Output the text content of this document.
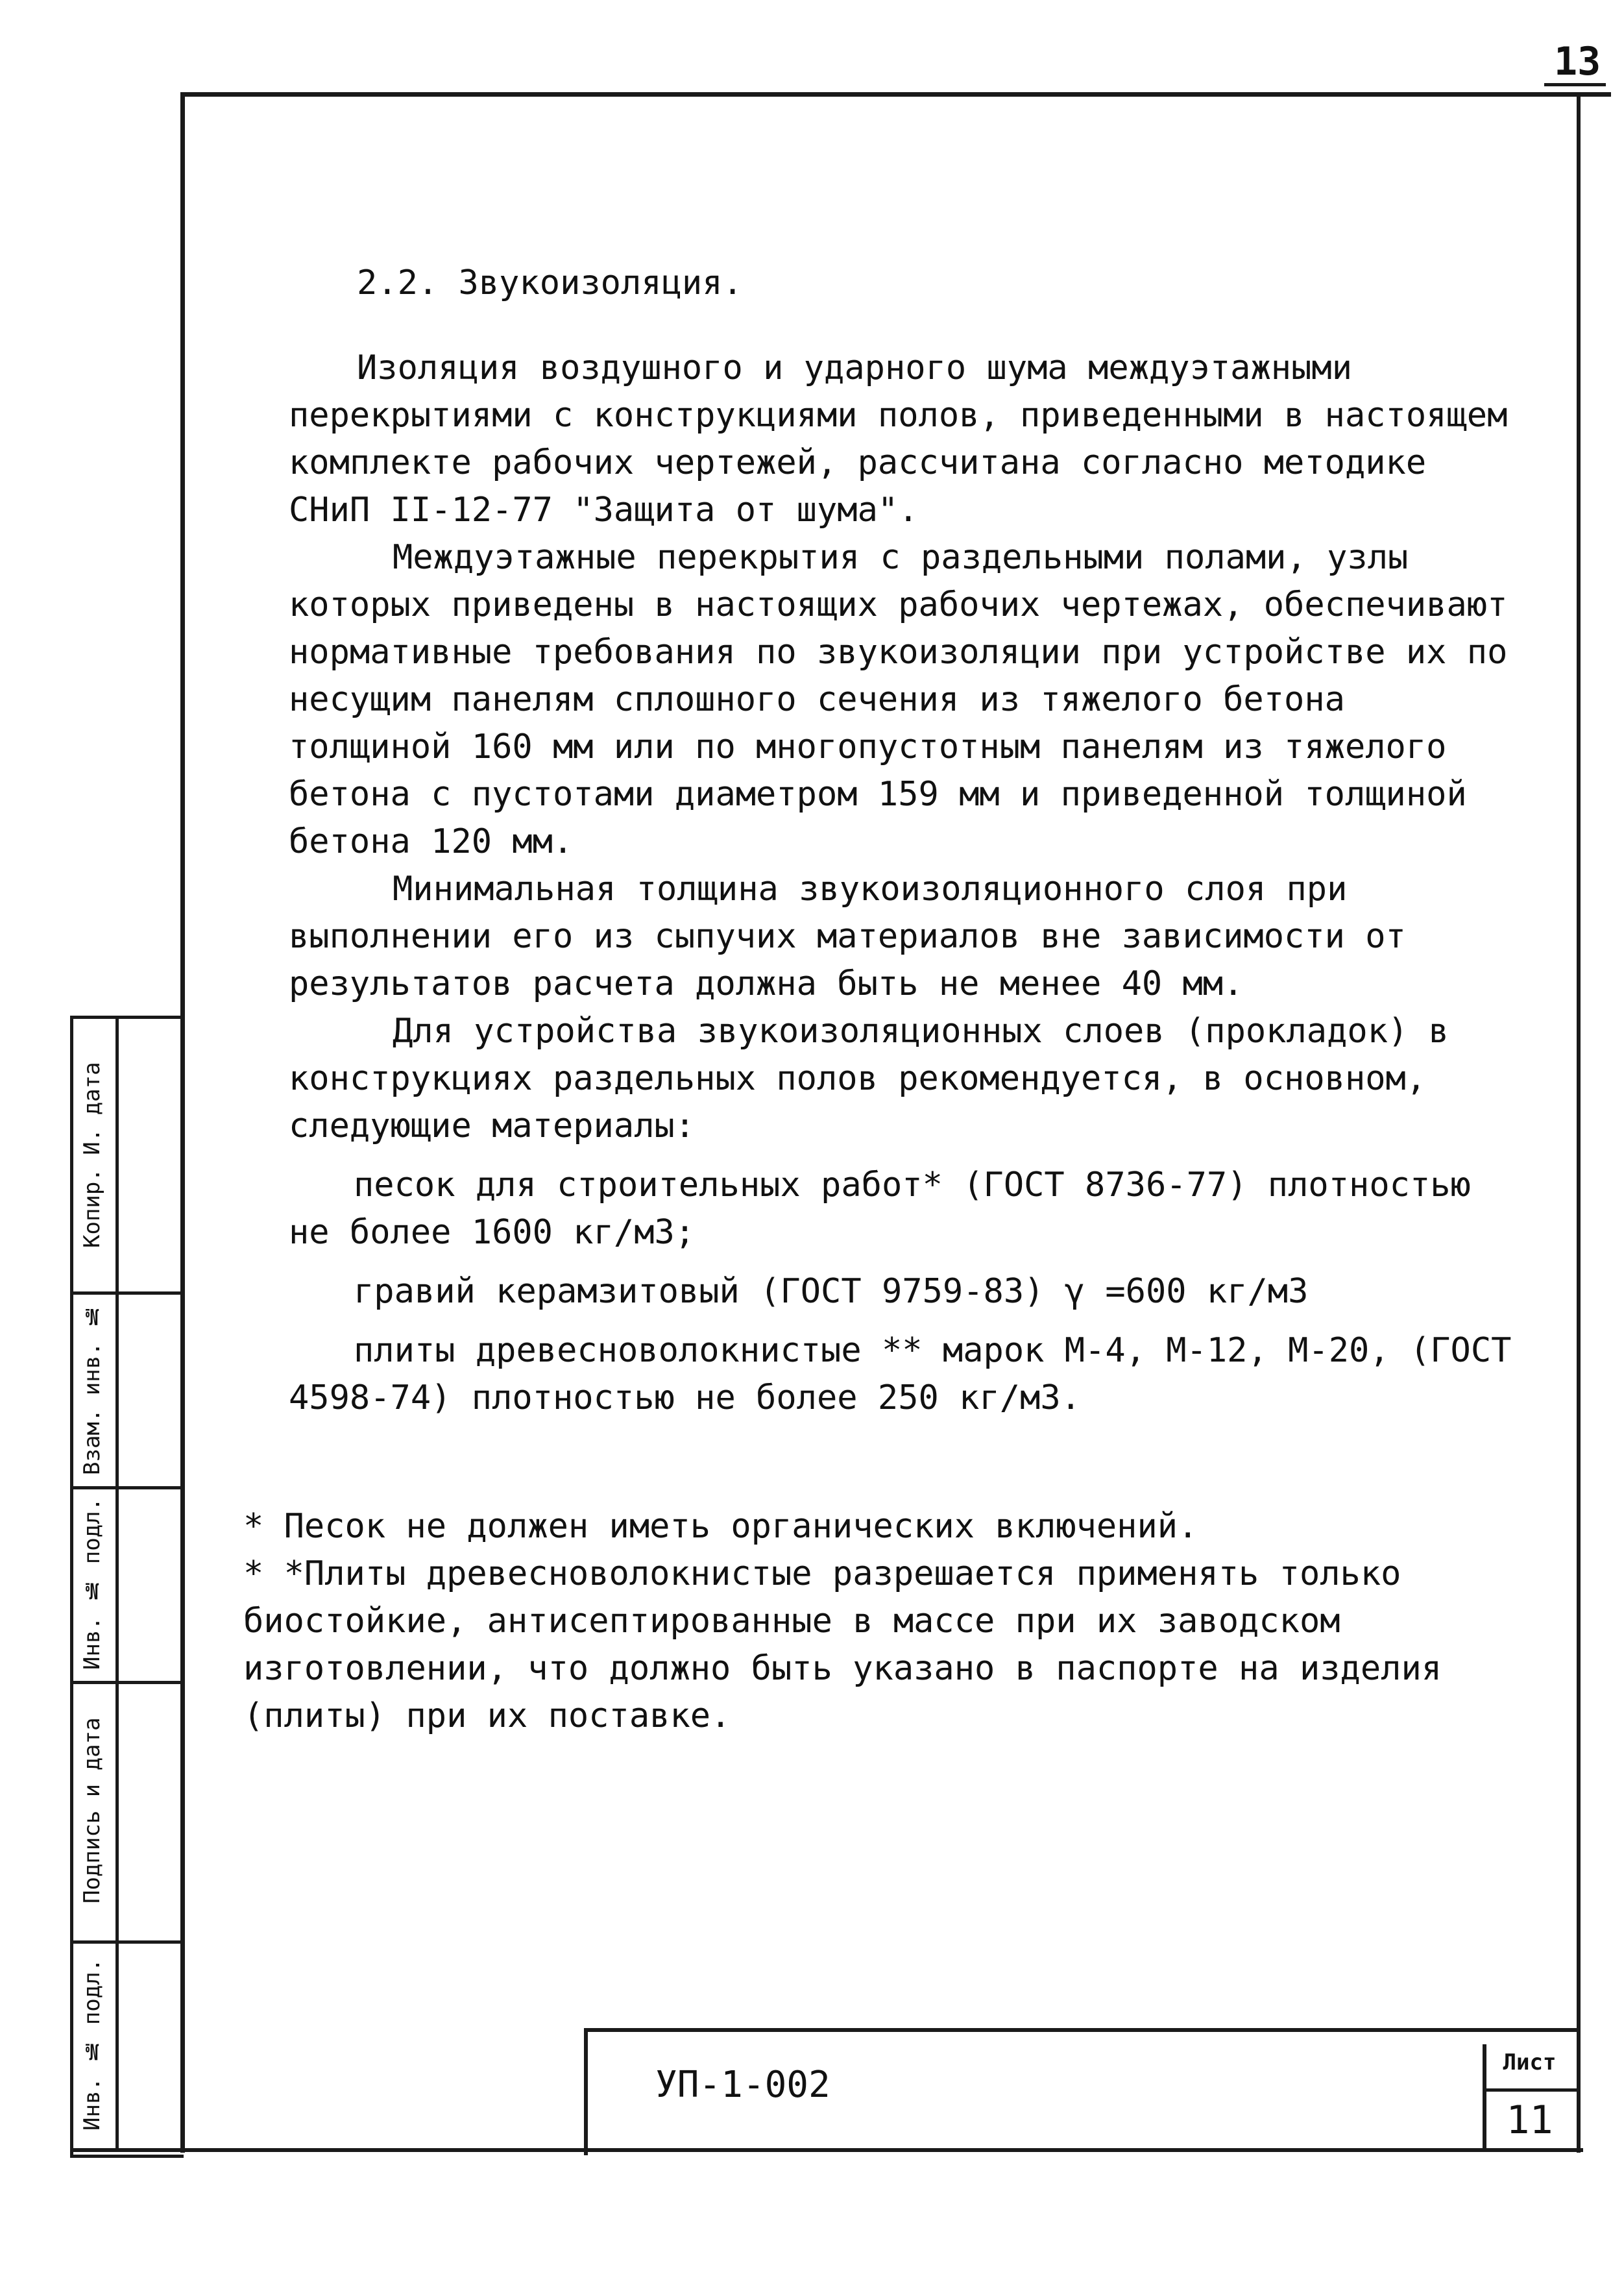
13

2.2. Звукоизоляция.

Изоляция воздушного и ударного шума междуэтажными перекрытиями с конструкциями полов, приведенными в настоящем комплекте рабочих чертежей, рассчитана согласно методике СНиП II-12-77 "Защита от шума".

Междуэтажные перекрытия с раздельными полами, узлы которых приведены в настоящих рабочих чертежах, обеспечивают нормативные требования по звукоизоляции при устройстве их по несущим панелям сплошного сечения из тяжелого бетона толщиной 160 мм или по многопустотным панелям из тяжелого бетона с пустотами диаметром 159 мм и приведенной толщиной бетона 120 мм.

Минимальная толщина звукоизоляционного слоя при выполнении его из сыпучих материалов вне зависимости от результатов расчета должна быть не менее 40 мм.

Для устройства звукоизоляционных слоев (прокладок) в конструкциях раздельных полов рекомендуется, в основном, следующие материалы:

песок для строительных работ* (ГОСТ 8736-77) плотностью не более 1600 кг/м3;

гравий керамзитовый (ГОСТ 9759-83) γ =600 кг/м3

плиты древесноволокнистые ** марок М-4, М-12, М-20, (ГОСТ 4598-74) плотностью не более 250 кг/м3.

* Песок не должен иметь органических включений.

* *Плиты древесноволокнистые разрешается применять только биостойкие, антисептированные в массе при их заводском изготовлении, что должно быть указано в паспорте на изделия (плиты) при их поставке.

Копир. И. дата
Взам. инв. №
Инв. № подл.
Подпись и дата
Инв. № подл.	УП-1-002
Лист
11
